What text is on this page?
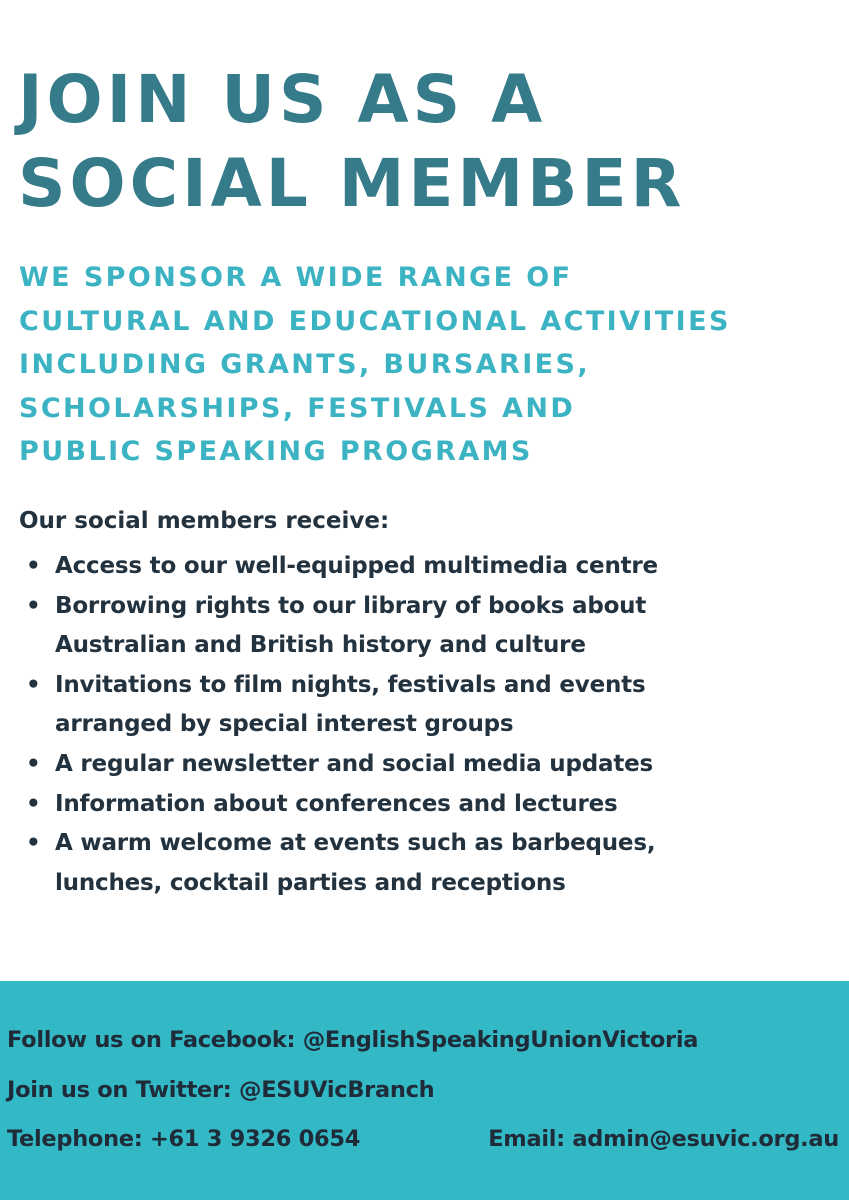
JOIN US AS A
SOCIAL MEMBER
WE SPONSOR A WIDE RANGE OF
CULTURAL AND EDUCATIONAL ACTIVITIES
INCLUDING GRANTS, BURSARIES,
SCHOLARSHIPS, FESTIVALS AND
PUBLIC SPEAKING PROGRAMS

Our social members receive:

• Access to our well-equipped multimedia centre
• Borrowing rights to our library of books about
Australian and British history and culture
• Invitations to film nights, festivals and events
arranged by special interest groups
• A regular newsletter and social media updates
• Information about conferences and lectures
• A warm welcome at events such as barbeques,
lunches, cocktail parties and receptions

Follow us on Facebook: @EnglishSpeakingUnionVictoria

Join us on Twitter: @ESUVicBranch

Telephone: +61 3 9326 0654	Email: admin@esuvic.org.au
